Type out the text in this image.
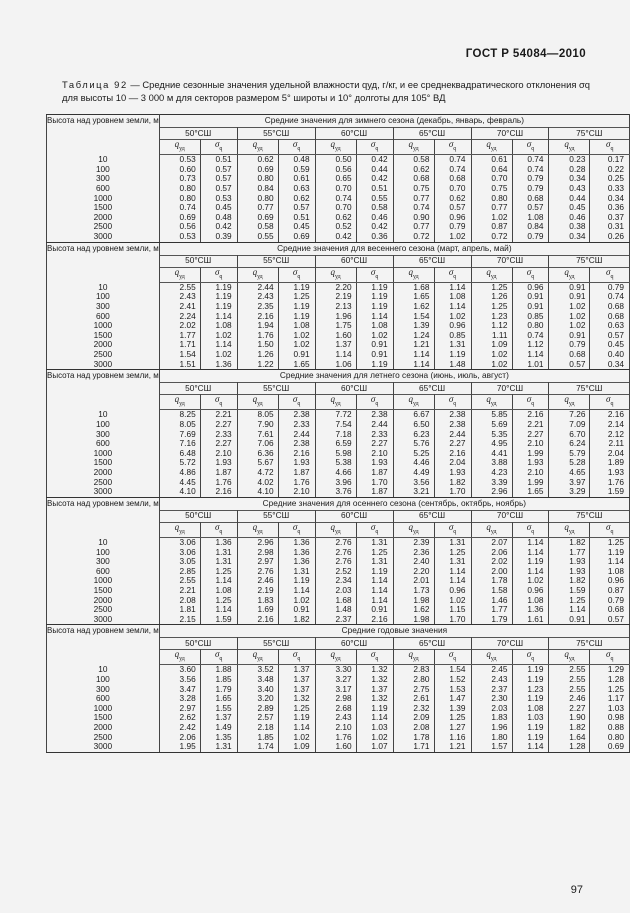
ГОСТ Р 54084—2010
Таблица 92 — Средние сезонные значения удельной влажности qуд, г/кг, и ее среднеквадратического отклонения σq для высоты 10 — 3 000 м для секторов размером 5° широты и 10° долготы для 105° ВД
Высота над уровнем земли, м	Средние значения для зимнего сезона (декабрь, январь, февраль)											
	50°СШ		55°СШ		60°СШ		65°СШ		70°СШ		75°СШ	
	$q_{уд}$	$\sigma_q$	$q_{уд}$	$\sigma_q$	$q_{уд}$	$\sigma_q$	$q_{уд}$	$\sigma_q$	$q_{уд}$	$\sigma_q$	$q_{уд}$	$\sigma_q$
10	0.53	0.51	0.62	0.48	0.50	0.42	0.58	0.74	0.61	0.74	0.23	0.17
100	0.60	0.57	0.69	0.59	0.56	0.44	0.62	0.74	0.64	0.74	0.28	0.22
300	0.73	0.57	0.80	0.61	0.65	0.42	0.68	0.68	0.70	0.79	0.34	0.25
600	0.80	0.57	0.84	0.63	0.70	0.51	0.75	0.70	0.75	0.79	0.43	0.33
1000	0.80	0.53	0.80	0.62	0.74	0.55	0.77	0.62	0.80	0.68	0.44	0.34
1500	0.74	0.45	0.77	0.57	0.70	0.58	0.74	0.57	0.77	0.57	0.45	0.36
2000	0.69	0.48	0.69	0.51	0.62	0.46	0.90	0.96	1.02	1.08	0.46	0.37
2500	0.56	0.42	0.58	0.45	0.52	0.42	0.77	0.79	0.87	0.84	0.38	0.31
3000	0.53	0.39	0.55	0.69	0.42	0.36	0.72	1.02	0.72	0.79	0.34	0.26
Высота над уровнем земли, м	Средние значения для весеннего сезона (март, апрель, май)											
	50°СШ		55°СШ		60°СШ		65°СШ		70°СШ		75°СШ	
	$q_{уд}$	$\sigma_q$	$q_{уд}$	$\sigma_q$	$q_{уд}$	$\sigma_q$	$q_{уд}$	$\sigma_q$	$q_{уд}$	$\sigma_q$	$q_{уд}$	$\sigma_q$
10	2.55	1.19	2.44	1.19	2.20	1.19	1.68	1.14	1.25	0.96	0.91	0.79
100	2.43	1.19	2.43	1.25	2.19	1.19	1.65	1.08	1.26	0.91	0.91	0.74
300	2.41	1.19	2.35	1.19	2.13	1.19	1.62	1.14	1.25	0.91	1.02	0.68
600	2.24	1.14	2.16	1.19	1.96	1.14	1.54	1.02	1.23	0.85	1.02	0.68
1000	2.02	1.08	1.94	1.08	1.75	1.08	1.39	0.96	1.12	0.80	1.02	0.63
1500	1.77	1.02	1.76	1.02	1.60	1.02	1.24	0.85	1.11	0.74	0.91	0.57
2000	1.71	1.14	1.50	1.02	1.37	0.91	1.21	1.31	1.09	1.12	0.79	0.45
2500	1.54	1.02	1.26	0.91	1.14	0.91	1.14	1.19	1.02	1.14	0.68	0.40
3000	1.51	1.36	1.22	1.65	1.06	1.19	1.14	1.48	1.02	1.01	0.57	0.34
Высота над уровнем земли, м	Средние значения для летнего сезона (июнь, июль, август)											
	50°СШ		55°СШ		60°СШ		65°СШ		70°СШ		75°СШ	
	$q_{уд}$	$\sigma_q$	$q_{уд}$	$\sigma_q$	$q_{уд}$	$\sigma_q$	$q_{уд}$	$\sigma_q$	$q_{уд}$	$\sigma_q$	$q_{уд}$	$\sigma_q$
10	8.25	2.21	8.05	2.38	7.72	2.38	6.67	2.38	5.85	2.16	7.26	2.16
100	8.05	2.27	7.90	2.33	7.54	2.44	6.50	2.38	5.69	2.21	7.09	2.14
300	7.69	2.33	7.61	2.44	7.18	2.33	6.23	2.44	5.35	2.27	6.70	2.12
600	7.16	2.27	7.06	2.38	6.59	2.27	5.76	2.27	4.95	2.10	6.24	2.11
1000	6.48	2.10	6.36	2.16	5.98	2.10	5.25	2.16	4.41	1.99	5.79	2.04
1500	5.72	1.93	5.67	1.93	5.38	1.93	4.46	2.04	3.88	1.93	5.28	1.89
2000	4.86	1.87	4.72	1.87	4.66	1.87	4.49	1.93	4.23	2.10	4.65	1.93
2500	4.45	1.76	4.02	1.76	3.96	1.70	3.56	1.82	3.39	1.99	3.97	1.76
3000	4.10	2.16	4.10	2.10	3.76	1.87	3.21	1.70	2.96	1.65	3.29	1.59
Высота над уровнем земли, м	Средние значения для осеннего сезона (сентябрь, октябрь, ноябрь)											
	50°СШ		55°СШ		60°СШ		65°СШ		70°СШ		75°СШ	
	$q_{уд}$	$\sigma_q$	$q_{уд}$	$\sigma_q$	$q_{уд}$	$\sigma_q$	$q_{уд}$	$\sigma_q$	$q_{уд}$	$\sigma_q$	$q_{уд}$	$\sigma_q$
10	3.06	1.36	2.96	1.36	2.76	1.31	2.39	1.31	2.07	1.14	1.82	1.25
100	3.06	1.31	2.98	1.36	2.76	1.25	2.36	1.25	2.06	1.14	1.77	1.19
300	3.05	1.31	2.97	1.36	2.76	1.31	2.40	1.31	2.02	1.19	1.93	1.14
600	2.85	1.25	2.76	1.31	2.52	1.19	2.20	1.14	2.00	1.14	1.93	1.08
1000	2.55	1.14	2.46	1.19	2.34	1.14	2.01	1.14	1.78	1.02	1.82	0.96
1500	2.21	1.08	2.19	1.14	2.03	1.14	1.73	0.96	1.58	0.96	1.59	0.87
2000	2.08	1.25	1.83	1.02	1.68	1.14	1.98	1.02	1.46	1.08	1.25	0.79
2500	1.81	1.14	1.69	0.91	1.48	0.91	1.62	1.15	1.77	1.36	1.14	0.68
3000	2.15	1.59	2.16	1.82	2.37	2.16	1.98	1.70	1.79	1.61	0.91	0.57
Высота над уровнем земли, м	Средние годовые значения											
	50°СШ		55°СШ		60°СШ		65°СШ		70°СШ		75°СШ	
	$q_{уд}$	$\sigma_q$	$q_{уд}$	$\sigma_q$	$q_{уд}$	$\sigma_q$	$q_{уд}$	$\sigma_q$	$q_{уд}$	$\sigma_q$	$q_{уд}$	$\sigma_q$
10	3.60	1.88	3.52	1.37	3.30	1.32	2.83	1.54	2.45	1.19	2.55	1.29
100	3.56	1.85	3.48	1.37	3.27	1.32	2.80	1.52	2.43	1.19	2.55	1.28
300	3.47	1.79	3.40	1.37	3.17	1.37	2.75	1.53	2.37	1.23	2.55	1.25
600	3.28	1.65	3.20	1.32	2.98	1.32	2.61	1.47	2.30	1.19	2.46	1.17
1000	2.97	1.55	2.89	1.25	2.68	1.19	2.32	1.39	2.03	1.08	2.27	1.03
1500	2.62	1.37	2.57	1.19	2.43	1.14	2.09	1.25	1.83	1.03	1.90	0.98
2000	2.42	1.49	2.18	1.14	2.10	1.03	2.08	1.27	1.96	1.19	1.82	0.88
2500	2.06	1.35	1.85	1.02	1.76	1.02	1.78	1.16	1.80	1.19	1.64	0.80
3000	1.95	1.31	1.74	1.09	1.60	1.07	1.71	1.21	1.57	1.14	1.28	0.69
97
